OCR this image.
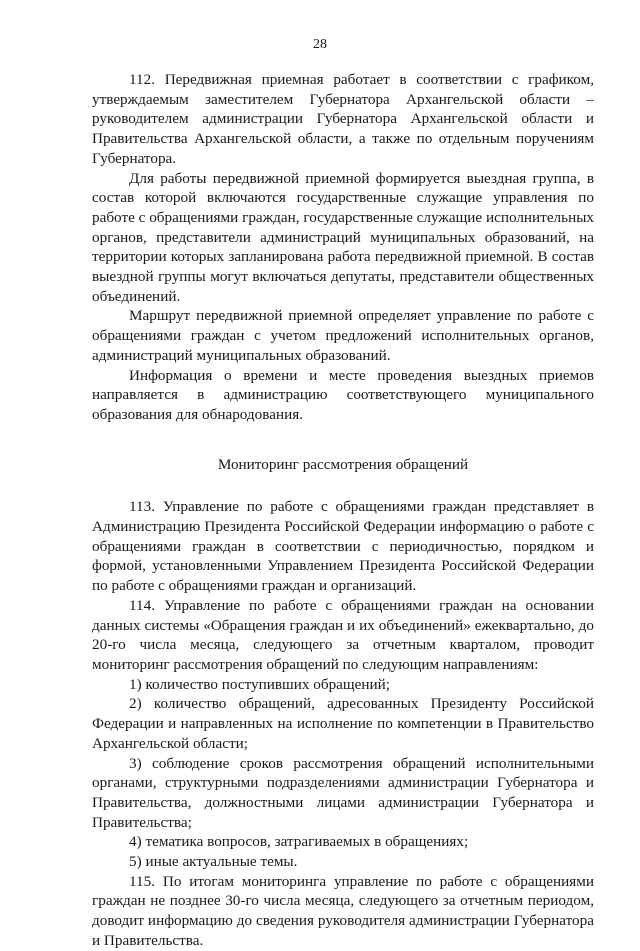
28

112. Передвижная приемная работает в соответствии с графиком, утверждаемым заместителем Губернатора Архангельской области – руководителем администрации Губернатора Архангельской области и Правительства Архангельской области, а также по отдельным поручениям Губернатора.

Для работы передвижной приемной формируется выездная группа, в состав которой включаются государственные служащие управления по работе с обращениями граждан, государственные служащие исполнительных органов, представители администраций муниципальных образований, на территории которых запланирована работа передвижной приемной. В состав выездной группы могут включаться депутаты, представители общественных объединений.

Маршрут передвижной приемной определяет управление по работе с обращениями граждан с учетом предложений исполнительных органов, администраций муниципальных образований.

Информация о времени и месте проведения выездных приемов направляется в администрацию соответствующего муниципального образования для обнародования.

Мониторинг рассмотрения обращений

113. Управление по работе с обращениями граждан представляет в Администрацию Президента Российской Федерации информацию о работе с обращениями граждан в соответствии с периодичностью, порядком и формой, установленными Управлением Президента Российской Федерации по работе с обращениями граждан и организаций.

114. Управление по работе с обращениями граждан на основании данных системы «Обращения граждан и их объединений» ежеквартально, до 20-го числа месяца, следующего за отчетным кварталом, проводит мониторинг рассмотрения обращений по следующим направлениям:

1) количество поступивших обращений;

2) количество обращений, адресованных Президенту Российской Федерации и направленных на исполнение по компетенции в Правительство Архангельской области;

3) соблюдение сроков рассмотрения обращений исполнительными органами, структурными подразделениями администрации Губернатора и Правительства, должностными лицами администрации Губернатора и Правительства;

4) тематика вопросов, затрагиваемых в обращениях;

5) иные актуальные темы.

115. По итогам мониторинга управление по работе с обращениями граждан не позднее 30-го числа месяца, следующего за отчетным периодом, доводит информацию до сведения руководителя администрации Губернатора и Правительства.
